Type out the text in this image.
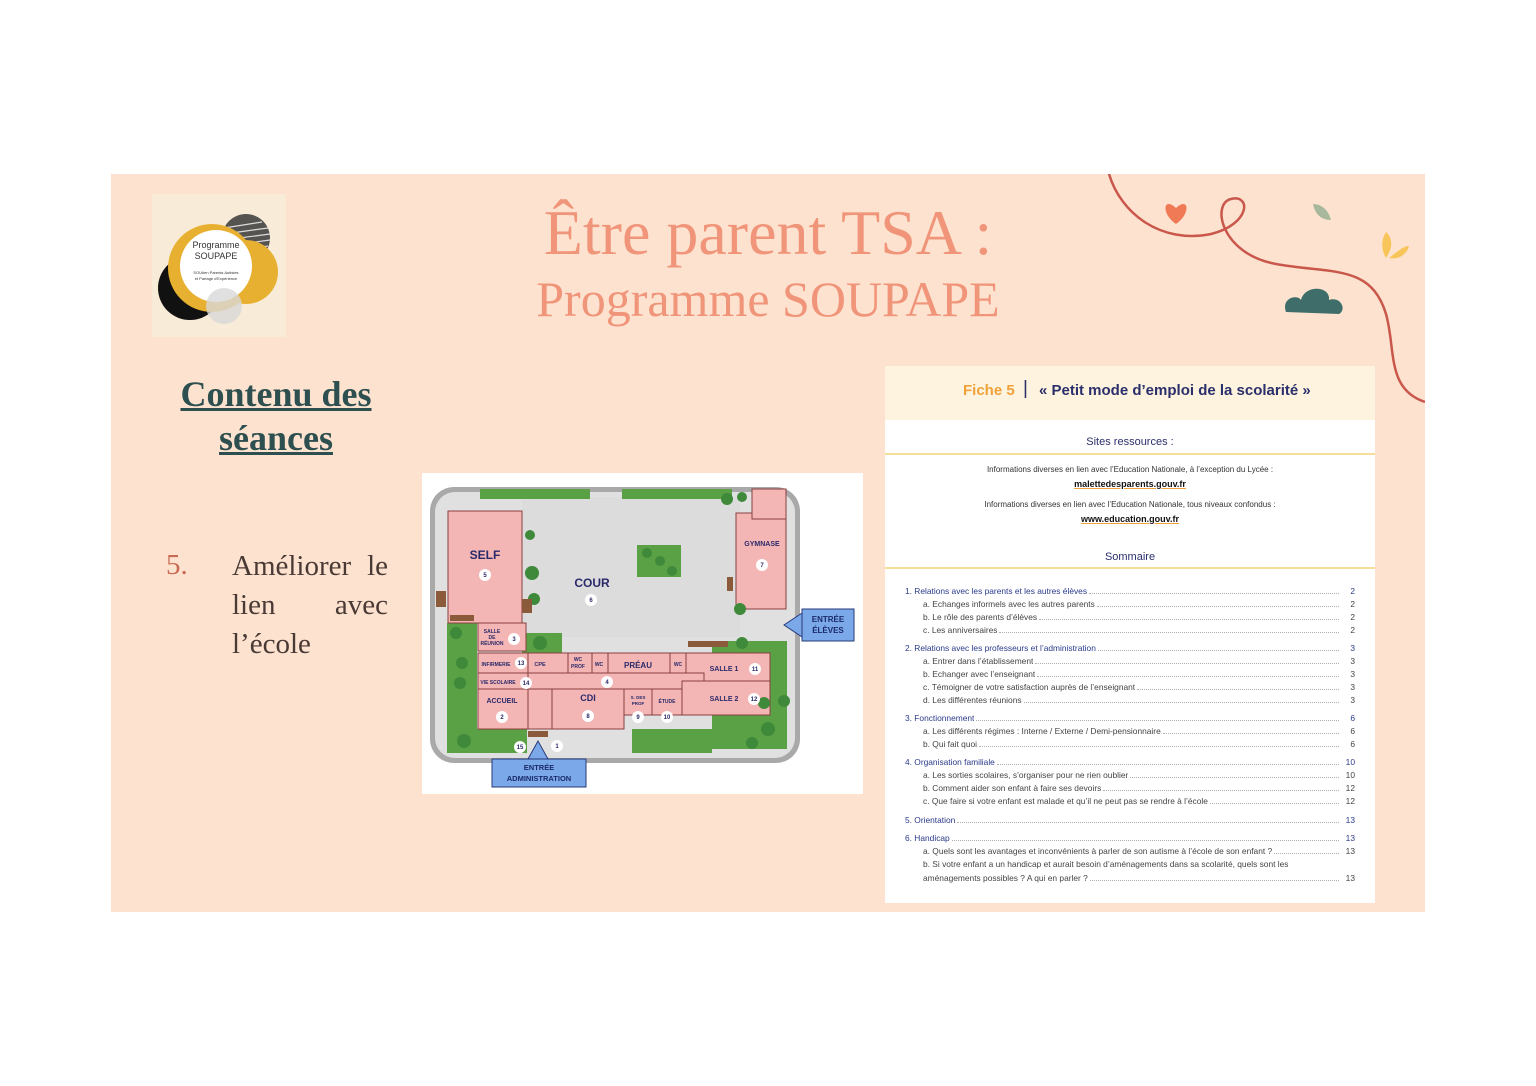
Programme
SOUPAPE
SOUtien Parents Autistes
et Partage d'Expérience
Être parent TSA :
Programme SOUPAPE
Contenu des
séances
5. Améliorer le lien avec l’école
SELF
COUR
GYMNASE
SALLE
DE
RÉUNION
INFIRMERIE	CPE
WC
PROF WC	PRÉAU	WC
SALLE 1
VIE SCOLAIRE
ACCUEIL	CDI	S. DES
PROF	ÉTUDE	SALLE 2
5
6
7
3
13
14	4
11
2	8	9	10
12
15	1
ENTRÉE
ÉLÈVES
ENTRÉE
ADMINISTRATION
Fiche 5 | « Petit mode d’emploi de la scolarité »
Sites ressources :
Informations diverses en lien avec l’Education Nationale, à l’exception du Lycée :
malettedesparents.gouv.fr
Informations diverses en lien avec l’Education Nationale, tous niveaux confondus :
www.education.gouv.fr
Sommaire
1. Relations avec les parents et les autres élèves	2
a. Echanges informels avec les autres parents	2
b. Le rôle des parents d’élèves	2
c. Les anniversaires	2
2. Relations avec les professeurs et l’administration	3
a. Entrer dans l’établissement	3
b. Echanger avec l’enseignant	3
c. Témoigner de votre satisfaction auprès de l’enseignant	3
d. Les différentes réunions	3
3. Fonctionnement	6
a. Les différents régimes : Interne / Externe / Demi-pensionnaire	6
b. Qui fait quoi	6
4. Organisation familiale	10
a. Les sorties scolaires, s’organiser pour ne rien oublier	10
b. Comment aider son enfant à faire ses devoirs	12
c. Que faire si votre enfant est malade et qu’il ne peut pas se rendre à l’école	12
5. Orientation	13
6. Handicap	13
a. Quels sont les avantages et inconvénients à parler de son autisme à l’école de son enfant ?	13
b. Si votre enfant a un handicap et aurait besoin d’aménagements dans sa scolarité, quels sont les
aménagements possibles ? A qui en parler ?	13
